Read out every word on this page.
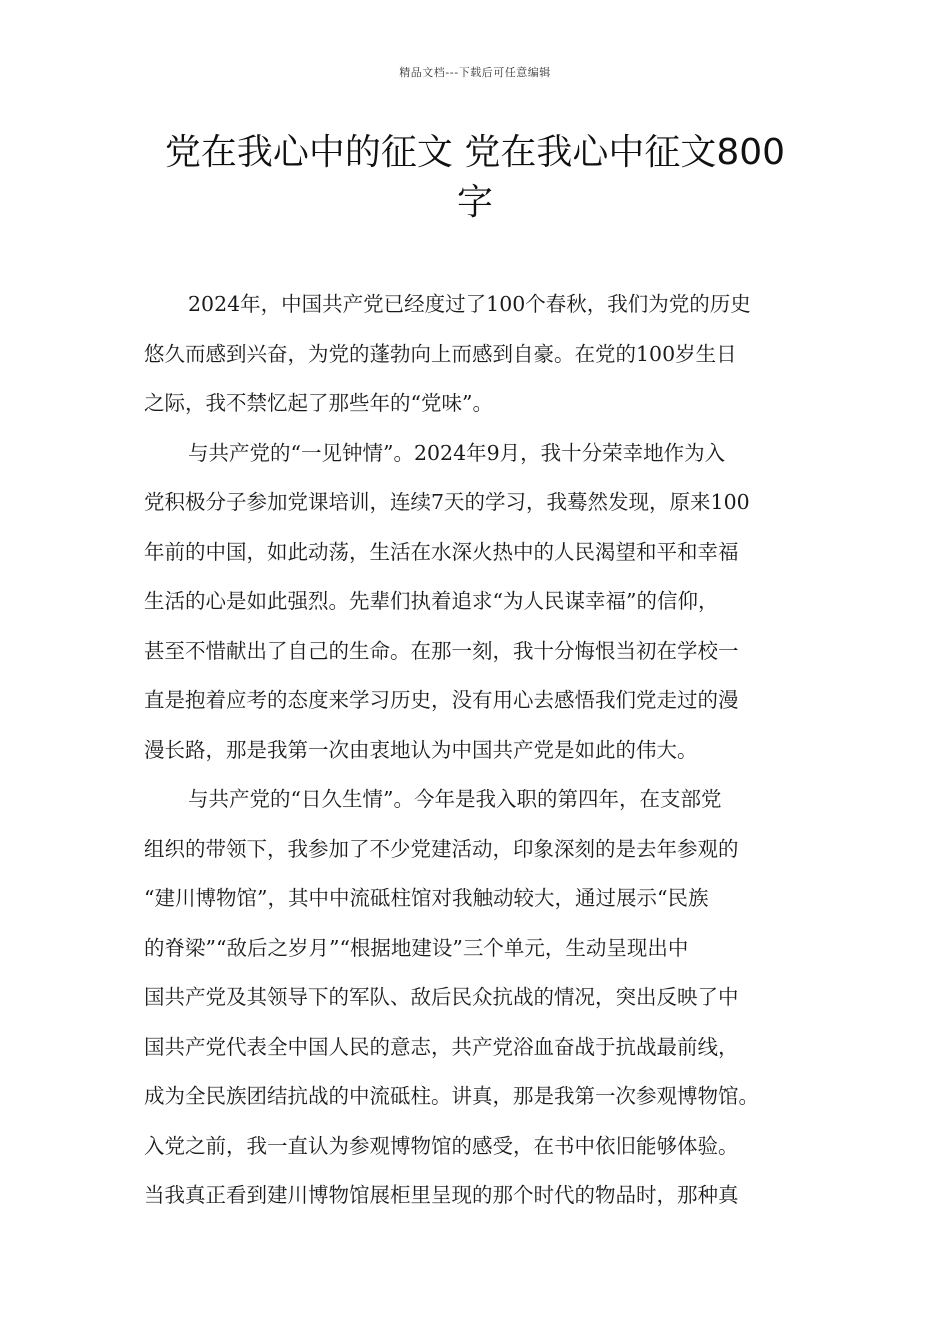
精品文档---下载后可任意编辑
党在我心中的征文 党在我心中征文800
字
2024年，中国共产党已经度过了100个春秋，我们为党的历史
悠久而感到兴奋，为党的蓬勃向上而感到自豪。在党的100岁生日
之际，我不禁忆起了那些年的“党味”。
与共产党的“一见钟情”。2024年9月，我十分荣幸地作为入
党积极分子参加党课培训，连续7天的学习，我蓦然发现，原来100
年前的中国，如此动荡，生活在水深火热中的人民渴望和平和幸福
生活的心是如此强烈。先辈们执着追求“为人民谋幸福”的信仰，
甚至不惜献出了自己的生命。在那一刻，我十分悔恨当初在学校一
直是抱着应考的态度来学习历史，没有用心去感悟我们党走过的漫
漫长路，那是我第一次由衷地认为中国共产党是如此的伟大。
与共产党的“日久生情”。今年是我入职的第四年，在支部党
组织的带领下，我参加了不少党建活动，印象深刻的是去年参观的
“建川博物馆”，其中中流砥柱馆对我触动较大，通过展示“民族
的脊梁”“敌后之岁月”“根据地建设”三个单元，生动呈现出中
国共产党及其领导下的军队、敌后民众抗战的情况，突出反映了中
国共产党代表全中国人民的意志，共产党浴血奋战于抗战最前线，
成为全民族团结抗战的中流砥柱。讲真，那是我第一次参观博物馆。
入党之前，我一直认为参观博物馆的感受，在书中依旧能够体验。
当我真正看到建川博物馆展柜里呈现的那个时代的物品时，那种真
